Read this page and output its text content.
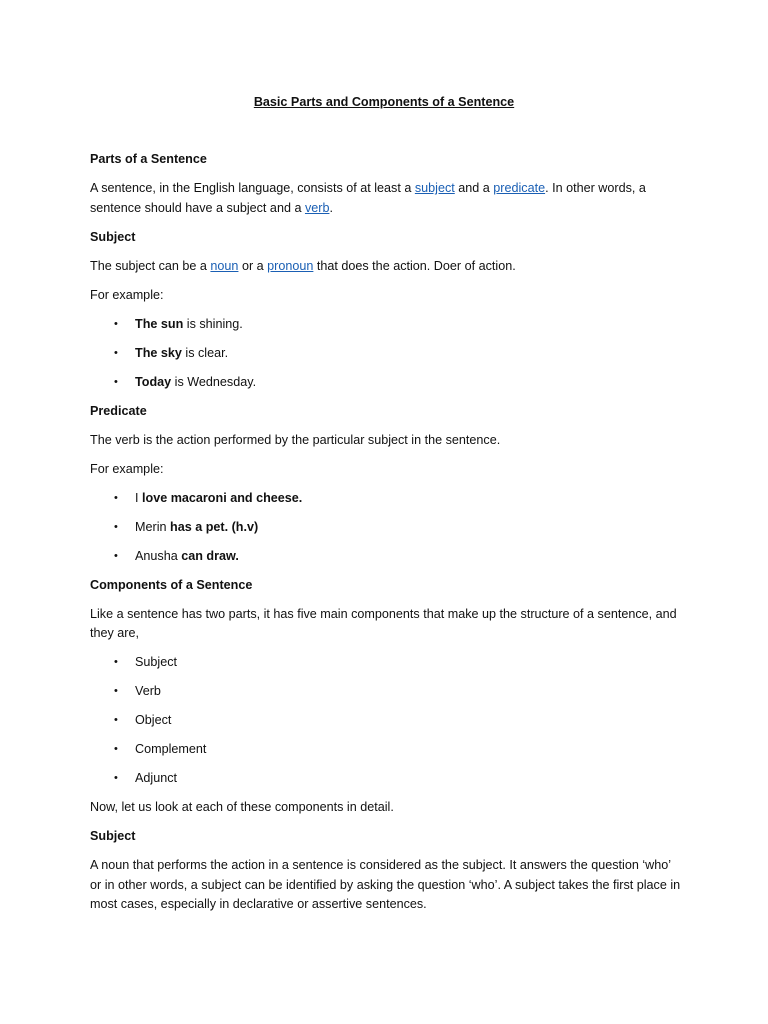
Basic Parts and Components of a Sentence

Parts of a Sentence

A sentence, in the English language, consists of at least a subject and a predicate. In other words, a sentence should have a subject and a verb.

Subject

The subject can be a noun or a pronoun that does the action. Doer of action.

For example:

• The sun is shining.
• The sky is clear.
• Today is Wednesday.

Predicate

The verb is the action performed by the particular subject in the sentence.

For example:

• I love macaroni and cheese.
• Merin has a pet. (h.v)
• Anusha can draw.

Components of a Sentence

Like a sentence has two parts, it has five main components that make up the structure of a sentence, and they are,

• Subject
• Verb
• Object
• Complement
• Adjunct

Now, let us look at each of these components in detail.

Subject

A noun that performs the action in a sentence is considered as the subject. It answers the question ‘who’ or in other words, a subject can be identified by asking the question ‘who’. A subject takes the first place in most cases, especially in declarative or assertive sentences.
